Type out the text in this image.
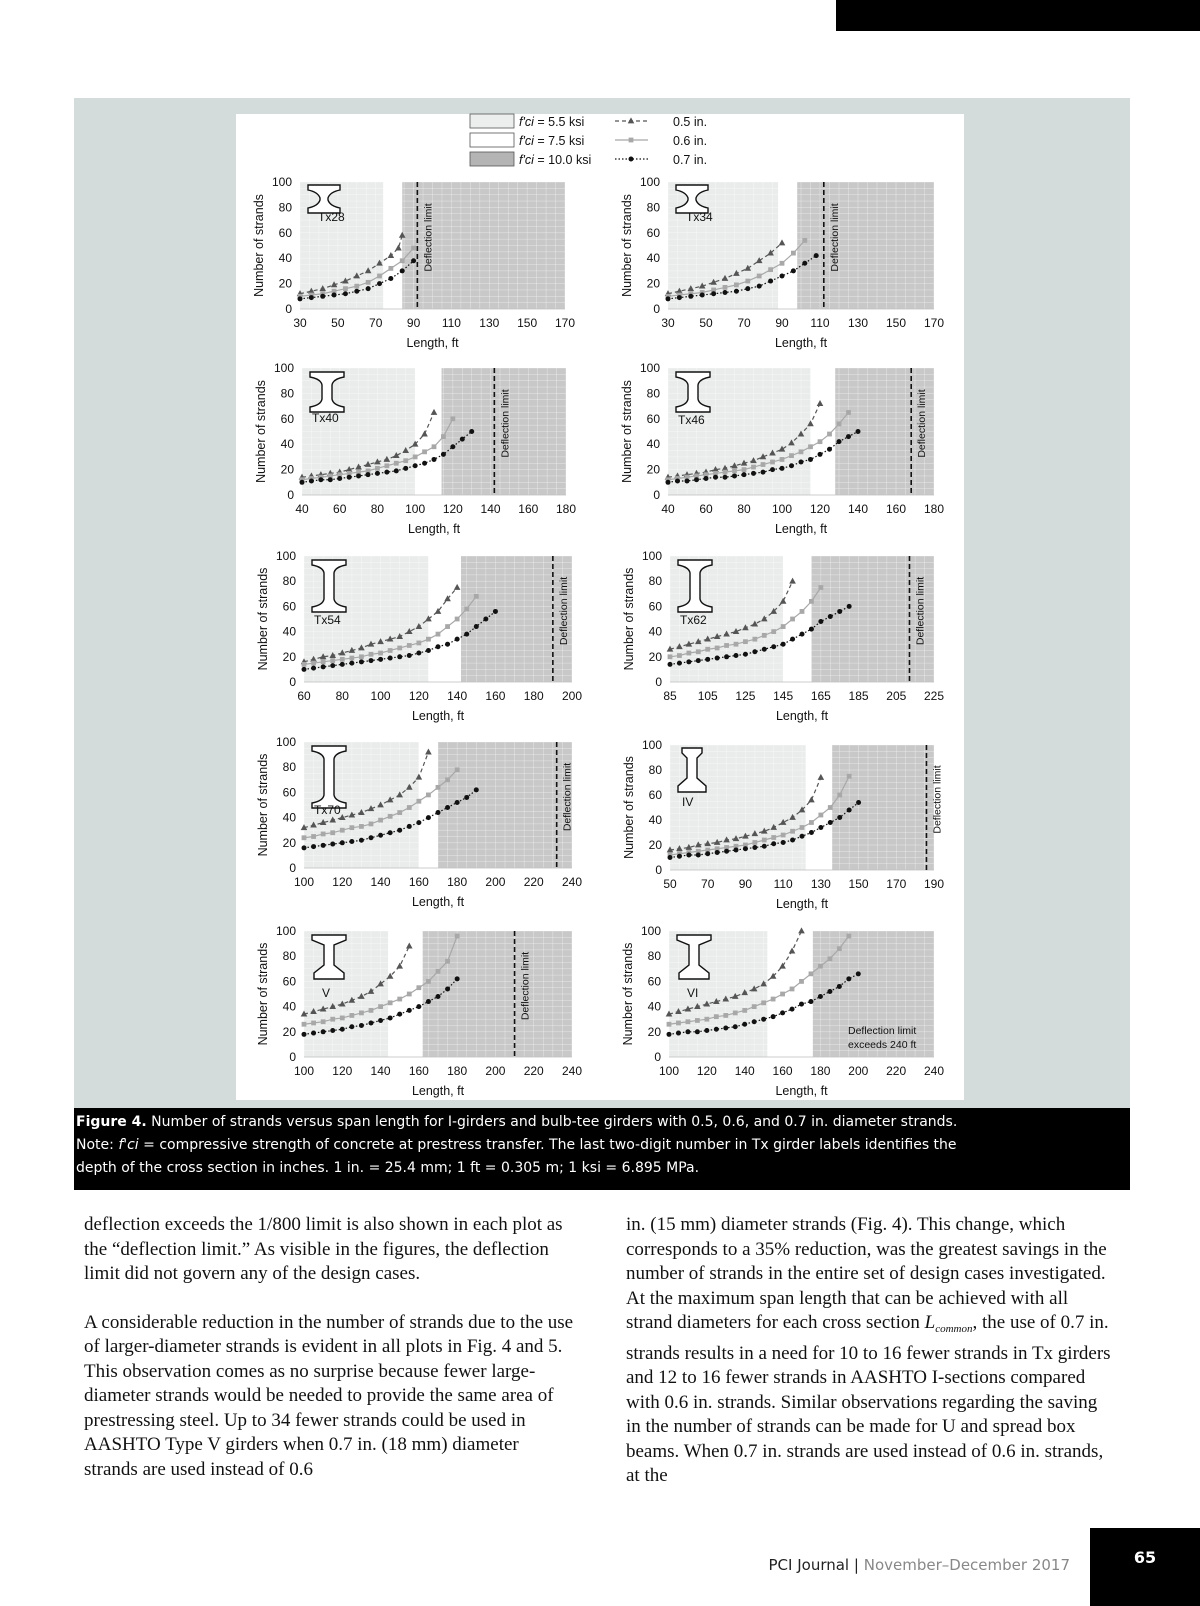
f'ci = 5.5 ksi
f'ci = 7.5 ksi
f'ci = 10.0 ksi
0.5 in.
0.6 in.
0.7 in.
0
20
40
60
80
100
30 50 70 90 110 130 150 170
Length, ft
Number of strands	Deflection limit
Tx28
0
20
40
60
80
100
30 50 70 90 110 130 150 170
Length, ft
Number of strands	Deflection limit
Tx34
0
20
40
60
80
100
40 60 80 100 120 140 160 180
Length, ft
Number of strands	Deflection limit
Tx40
0
20
40
60
80
100
40 60 80 100 120 140 160 180
Length, ft
Number of strands	Deflection limit
Tx46
0
20
40
60
80
100
60 80 100 120 140 160 180 200
Length, ft
Number of strands	Deflection limit
Tx54
0
20
40
60
80
100
85 105 125 145 165 185 205 225
Length, ft
Number of strands	Deflection limit
Tx62
0
20
40
60
80
100
100 120 140 160 180 200 220 240
Length, ft
Number of strands	Deflection limit
Tx70
0
20
40
60
80
100
50 70 90 110 130 150 170 190
Length, ft
Number of strands	Deflection limit
IV
0
20
40
60
80
100
100 120 140 160 180 200 220 240
Length, ft
Number of strands	Deflection limit
V
0
20
40
60
80
100
100 120 140 160 180 200 220 240
Length, ft
Number of strands	Deflection limit
exceeds 240 ft
VI
Figure 4. Number of strands versus span length for I-girders and bulb-tee girders with 0.5, 0.6, and 0.7 in. diameter strands.
Note: f'ci = compressive strength of concrete at prestress transfer. The last two-digit number in Tx girder labels identifies the
depth of the cross section in inches. 1 in. = 25.4 mm; 1 ft = 0.305 m; 1 ksi = 6.895 MPa.

deflection exceeds the 1/800 limit is also shown in each plot as the “deflection limit.” As visible in the figures, the deflection limit did not govern any of the design cases.

A considerable reduction in the number of strands due to the use of larger-diameter strands is evident in all plots in Fig. 4 and 5. This observation comes as no surprise because fewer large-diameter strands would be needed to provide the same area of prestressing steel. Up to 34 fewer strands could be used in AASHTO Type V girders when 0.7 in. (18 mm) diameter strands are used instead of 0.6

in. (15 mm) diameter strands (Fig. 4). This change, which corresponds to a 35% reduction, was the greatest savings in the number of strands in the entire set of design cases investigated. At the maximum span length that can be achieved with all strand diameters for each cross section $L_{common}$, the use of 0.7 in. strands results in a need for 10 to 16 fewer strands in Tx girders and 12 to 16 fewer strands in AASHTO I-sections compared with 0.6 in. strands. Similar observations regarding the saving in the number of strands can be made for U and spread box beams. When 0.7 in. strands are used instead of 0.6 in. strands, at the

PCI Journal | November–December 2017	65
